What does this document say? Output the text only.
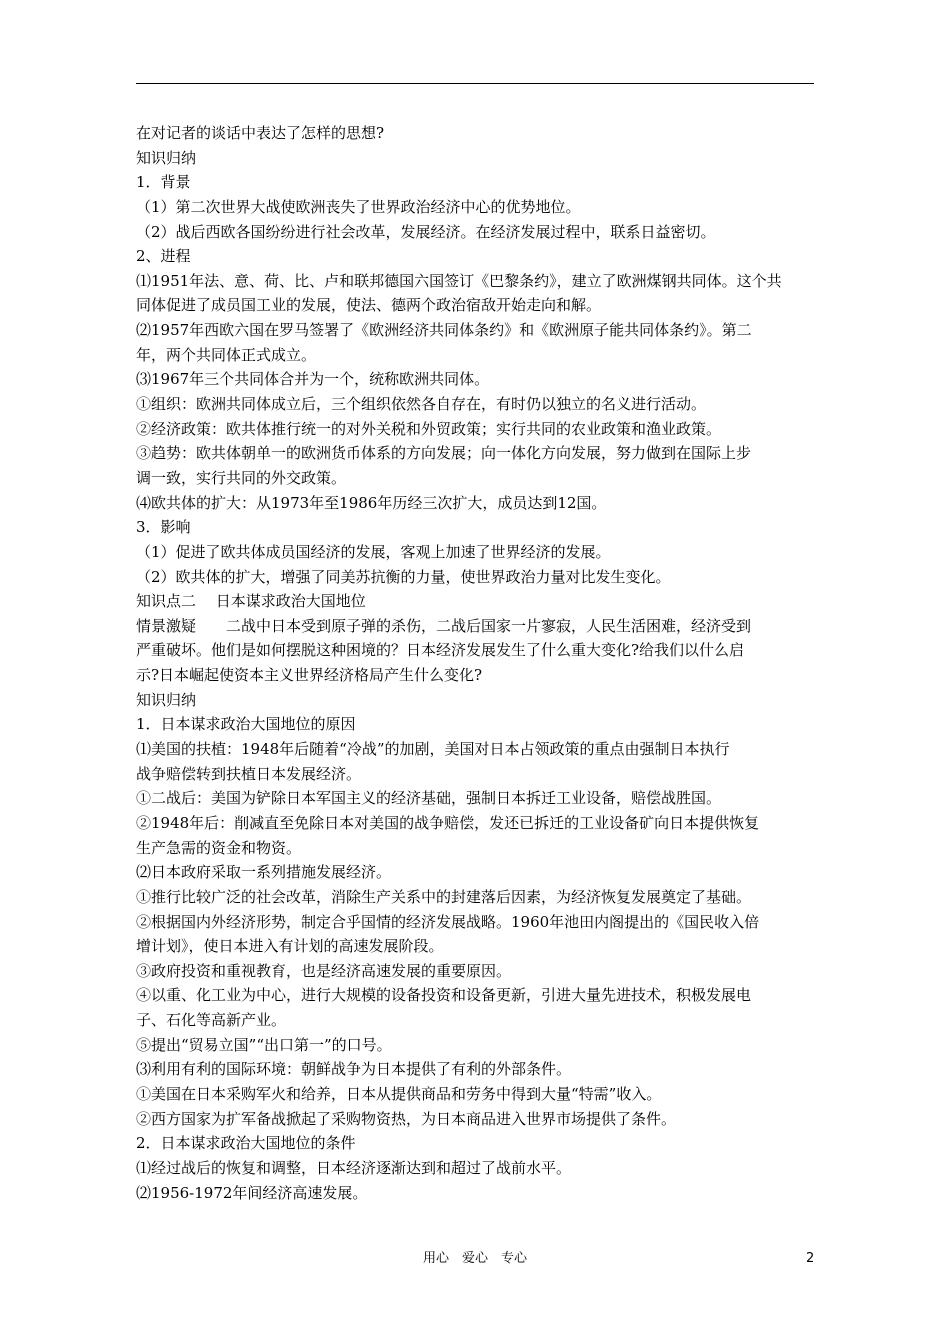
在对记者的谈话中表达了怎样的思想?
知识归纳
1．背景
（1）第二次世界大战使欧洲丧失了世界政治经济中心的优势地位。
（2）战后西欧各国纷纷进行社会改革，发展经济。在经济发展过程中，联系日益密切。
2、进程
⑴1951年法、意、荷、比、卢和联邦德国六国签订《巴黎条约》，建立了欧洲煤钢共同体。这个共
同体促进了成员国工业的发展，使法、德两个政治宿敌开始走向和解。
⑵1957年西欧六国在罗马签署了《欧洲经济共同体条约》和《欧洲原子能共同体条约》。第二
年，两个共同体正式成立。
⑶1967年三个共同体合并为一个，统称欧洲共同体。
①组织：欧洲共同体成立后，三个组织依然各自存在，有时仍以独立的名义进行活动。
②经济政策：欧共体推行统一的对外关税和外贸政策；实行共同的农业政策和渔业政策。
③趋势：欧共体朝单一的欧洲货币体系的方向发展；向一体化方向发展，努力做到在国际上步
调一致，实行共同的外交政策。
⑷欧共体的扩大：从1973年至1986年历经三次扩大，成员达到12国。
3．影响
（1）促进了欧共体成员国经济的发展，客观上加速了世界经济的发展。
（2）欧共体的扩大，增强了同美苏抗衡的力量，使世界政治力量对比发生变化。
知识点二　 日本谋求政治大国地位
情景激疑　　二战中日本受到原子弹的杀伤，二战后国家一片寥寂，人民生活困难，经济受到
严重破坏。他们是如何摆脱这种困境的？日本经济发展发生了什么重大变化?给我们以什么启
示?日本崛起使资本主义世界经济格局产生什么变化?
知识归纳
1．日本谋求政治大国地位的原因
⑴美国的扶植：1948年后随着“冷战”的加剧，美国对日本占领政策的重点由强制日本执行
战争赔偿转到扶植日本发展经济。
①二战后：美国为铲除日本军国主义的经济基础，强制日本拆迁工业设备，赔偿战胜国。
②1948年后：削减直至免除日本对美国的战争赔偿，发还已拆迁的工业设备矿向日本提供恢复
生产急需的资金和物资。
⑵日本政府采取一系列措施发展经济。
①推行比较广泛的社会改革，消除生产关系中的封建落后因素，为经济恢复发展奠定了基础。
②根据国内外经济形势，制定合乎国情的经济发展战略。1960年池田内阁提出的《国民收入倍
增计划》，使日本进入有计划的高速发展阶段。
③政府投资和重视教育，也是经济高速发展的重要原因。
④以重、化工业为中心，进行大规模的设备投资和设备更新，引进大量先进技术，积极发展电
子、石化等高新产业。
⑤提出“贸易立国”“出口第一”的口号。
⑶利用有利的国际环境：朝鲜战争为日本提供了有利的外部条件。
①美国在日本采购军火和给养，日本从提供商品和劳务中得到大量“特需”收入。
②西方国家为扩军备战掀起了采购物资热，为日本商品进入世界市场提供了条件。
2．日本谋求政治大国地位的条件
⑴经过战后的恢复和调整，日本经济逐渐达到和超过了战前水平。
⑵1956-1972年间经济高速发展。
用心　爱心　专心	2
